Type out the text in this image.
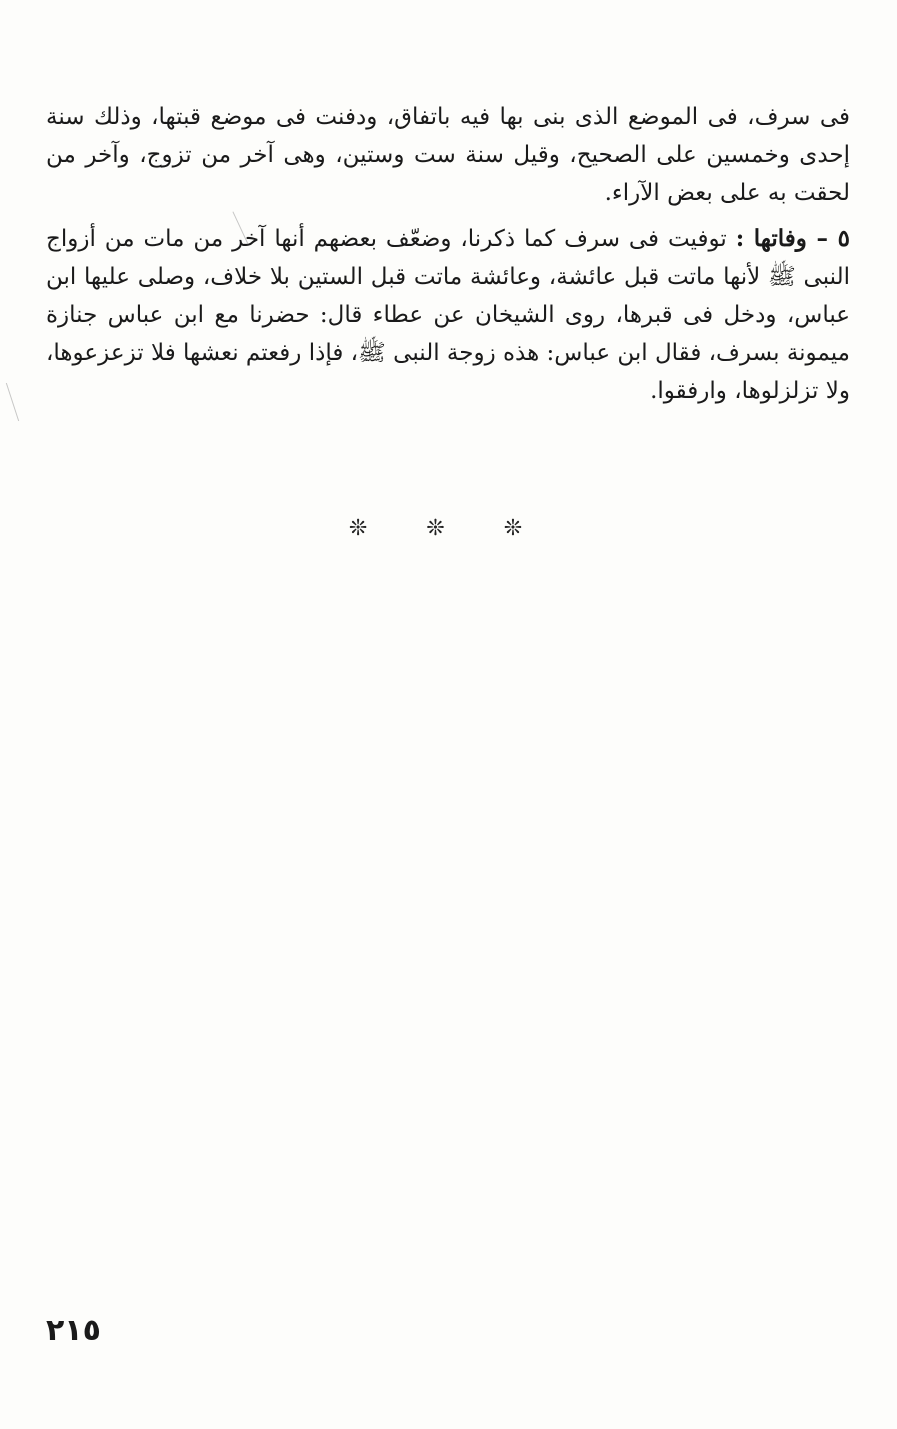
فى سرف، فى الموضع الذى بنى بها فيه باتفاق، ودفنت فى موضع قبتها، وذلك سنة إحدى وخمسين على الصحيح، وقيل سنة ست وستين، وهى آخر من تزوج، وآخر من لحقت به على بعض الآراء.

٥ – وفاتها : توفيت فى سرف كما ذكرنا، وضعّف بعضهم أنها آخر من مات من أزواج النبى ﷺ لأنها ماتت قبل عائشة، وعائشة ماتت قبل الستين بلا خلاف، وصلى عليها ابن عباس، ودخل فى قبرها، روى الشيخان عن عطاء قال: حضرنا مع ابن عباس جنازة ميمونة بسرف، فقال ابن عباس: هذه زوجة النبى ﷺ، فإذا رفعتم نعشها فلا تزعزعوها، ولا تزلزلوها، وارفقوا.

❊ ❊ ❊
٢١٥
